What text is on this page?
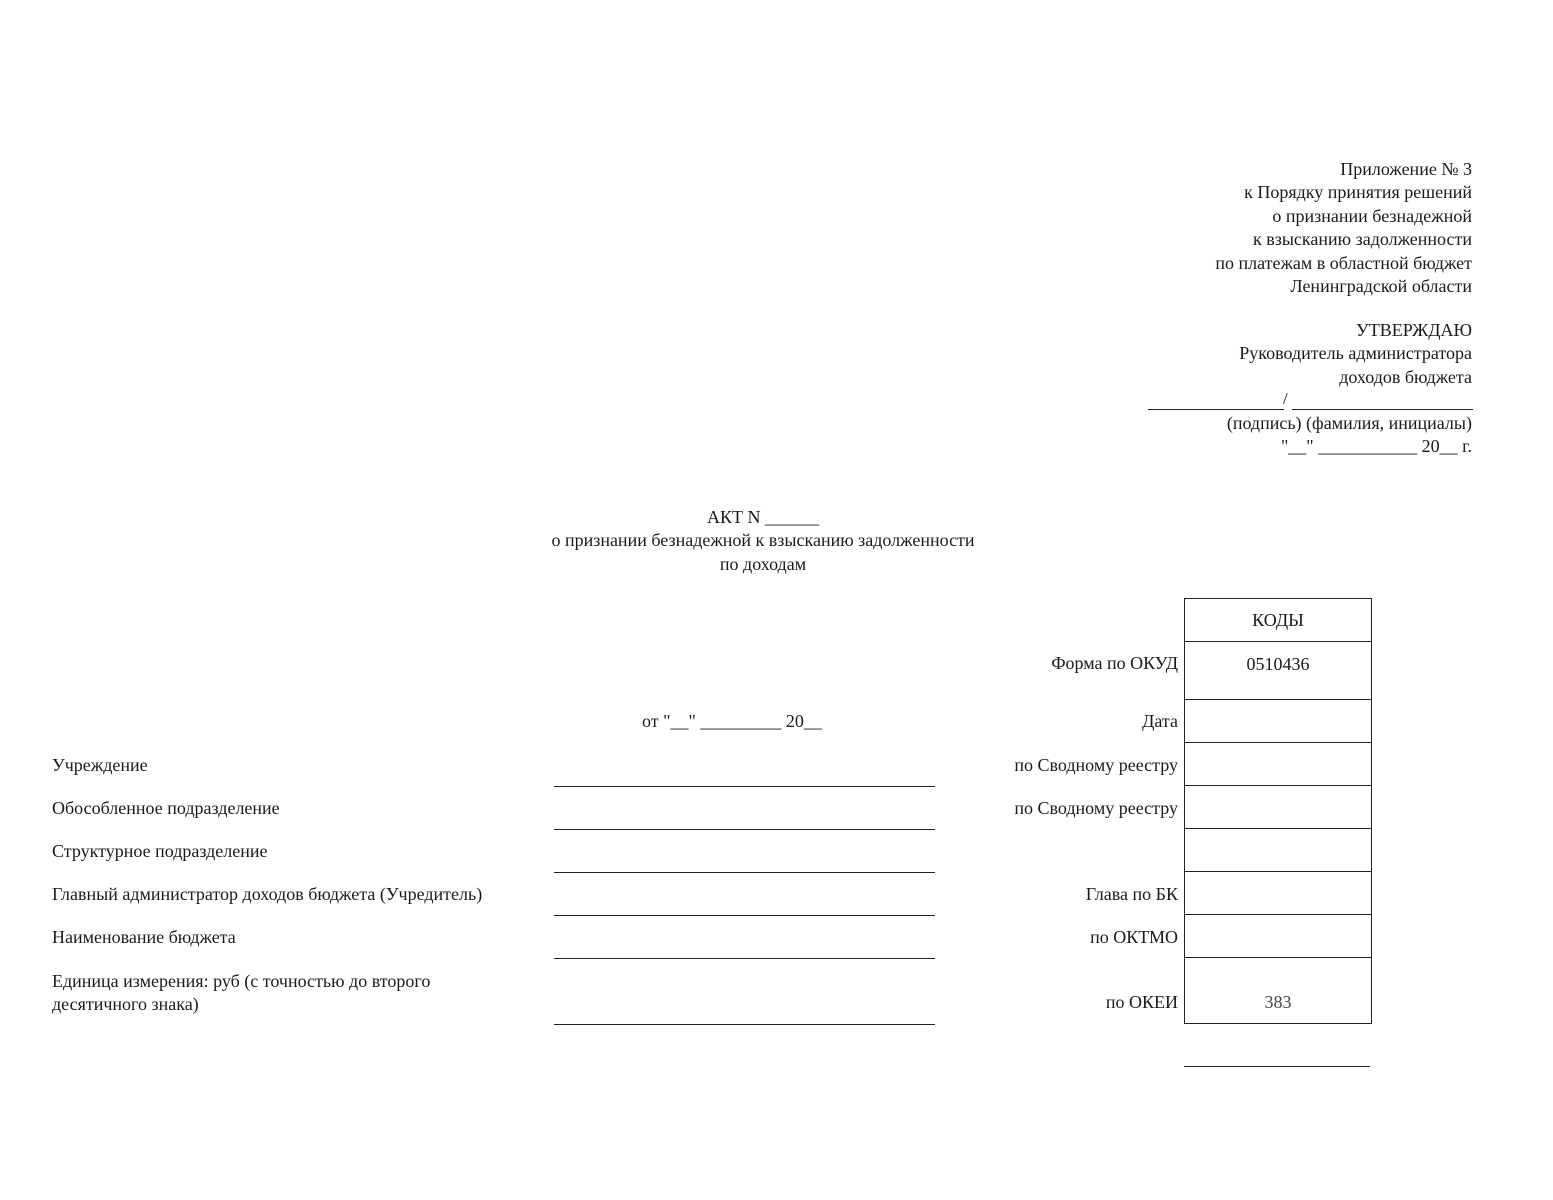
Приложение № 3
к Порядку принятия решений
о признании безнадежной
к взысканию задолженности
по платежам в областной бюджет
Ленинградской области
УТВЕРЖДАЮ
Руководитель администратора
доходов бюджета
/
(подпись) (фамилия, инициалы)
"__" ___________ 20__ г.
АКТ N ______
о признании безнадежной к взысканию задолженности
по доходам
от "__" _________ 20__
Учреждение
Обособленное подразделение
Структурное подразделение
Главный администратор доходов бюджета (Учредитель)
Наименование бюджета
Единица измерения: руб (с точностью до второго
десятичного знака)
КОДЫ
0510436
383
Форма по ОКУД
Дата
по Сводному реестру
по Сводному реестру
Глава по БК
по ОКТМО
по ОКЕИ
